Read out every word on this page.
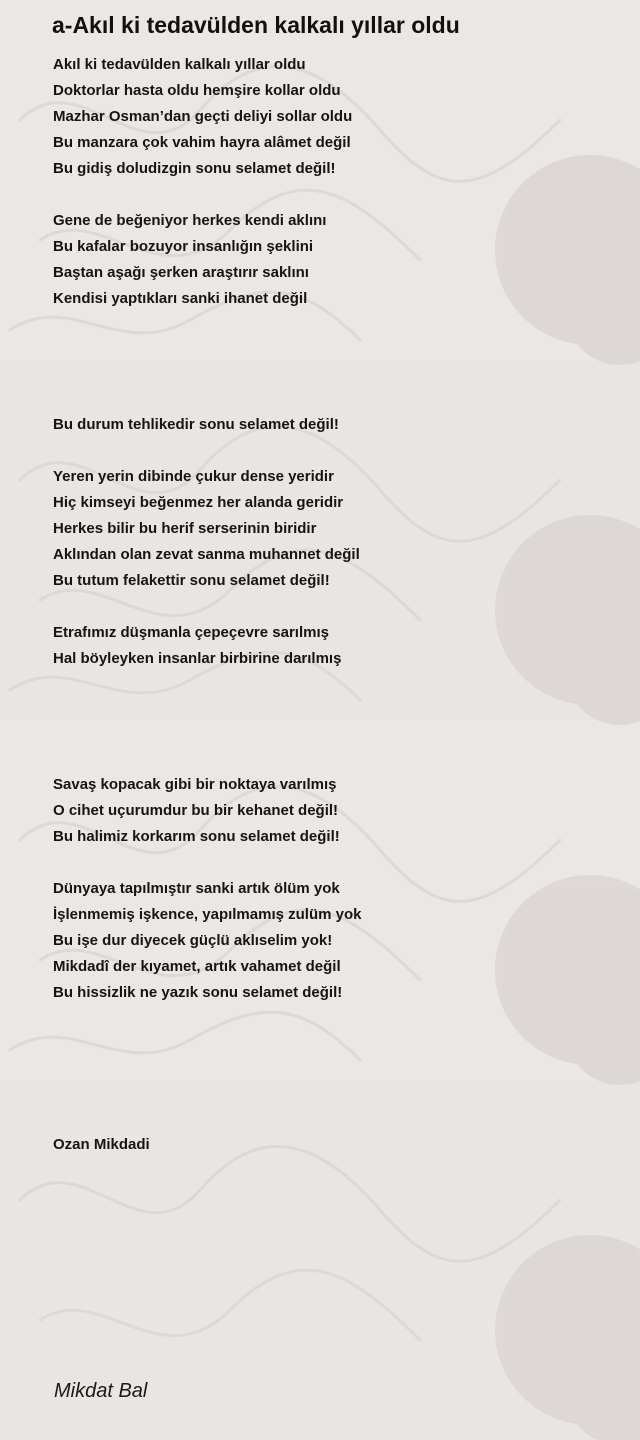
a-Akıl ki tedavülden kalkalı yıllar oldu
Akıl ki tedavülden kalkalı yıllar oldu
Doktorlar hasta oldu hemşire kollar oldu
Mazhar Osman’dan geçti deliyi sollar oldu
Bu manzara çok vahim hayra alâmet değil
Bu gidiş doludizgin sonu selamet değil!
Gene de beğeniyor herkes kendi aklını
Bu kafalar bozuyor insanlığın şeklini
Baştan aşağı şerken araştırır saklını
Kendisi yaptıkları sanki ihanet değil
Bu durum tehlikedir sonu selamet değil!
Yeren yerin dibinde çukur dense yeridir
Hiç kimseyi beğenmez her alanda geridir
Herkes bilir bu herif serserinin biridir
Aklından olan zevat sanma muhannet değil
Bu tutum felakettir sonu selamet değil!
Etrafımız düşmanla çepeçevre sarılmış
Hal böyleyken insanlar birbirine darılmış
Savaş kopacak gibi bir noktaya varılmış
O cihet uçurumdur bu bir kehanet değil!
Bu halimiz korkarım sonu selamet değil!
Dünyaya tapılmıştır sanki artık ölüm yok
İşlenmemiş işkence, yapılmamış zulüm yok
Bu işe dur diyecek güçlü aklıselim yok!
Mikdadî der kıyamet, artık vahamet değil
Bu hissizlik ne yazık sonu selamet değil!
Ozan Mikdadi
Mikdat Bal
